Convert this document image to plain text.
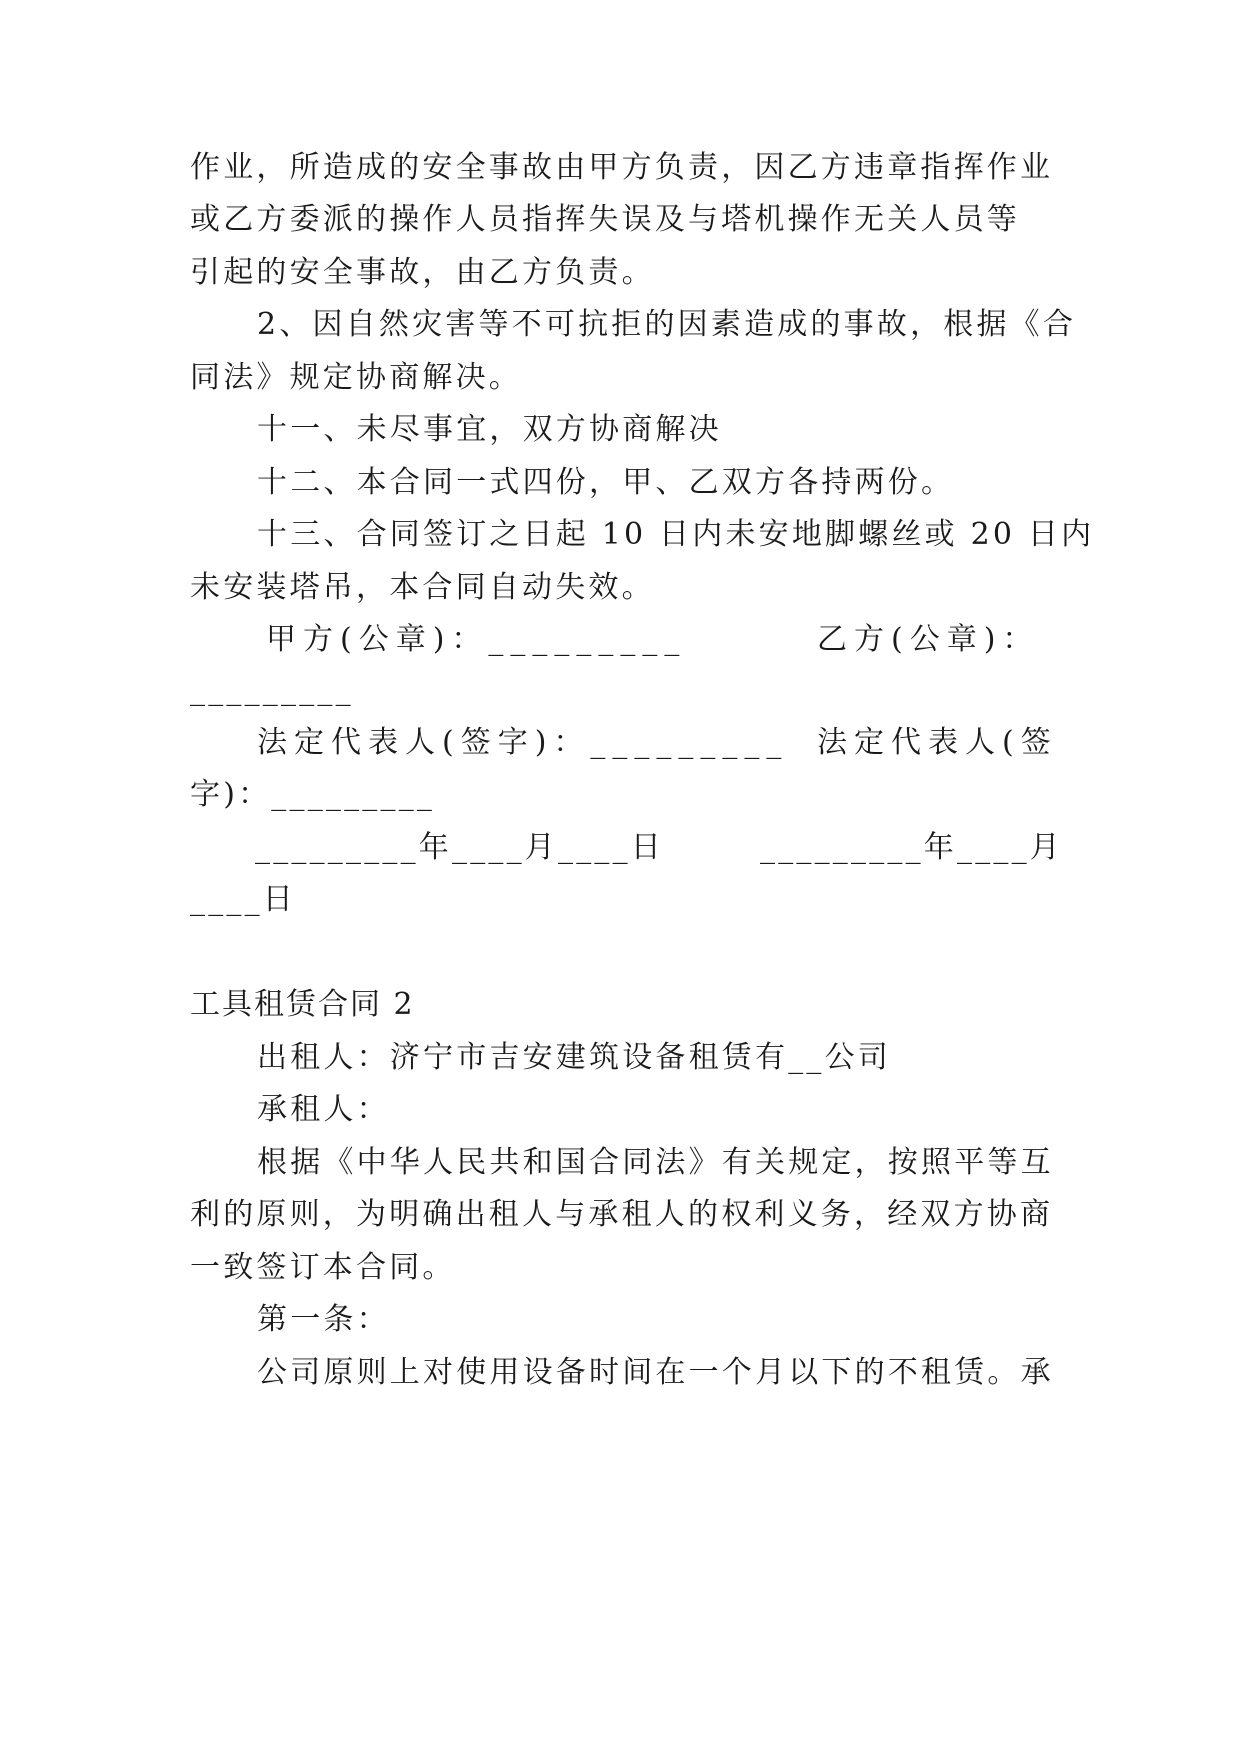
作业，所造成的安全事故由甲方负责，因乙方违章指挥作业
或乙方委派的操作人员指挥失误及与塔机操作无关人员等
引起的安全事故，由乙方负责。
2、因自然灾害等不可抗拒的因素造成的事故，根据《合
同法》规定协商解决。
十一、未尽事宜，双方协商解决
十二、本合同一式四份，甲、乙双方各持两份。
十三、合同签订之日起 10 日内未安地脚螺丝或 20 日内
未安装塔吊，本合同自动失效。
甲方(公章)：_________	乙方(公章)：
_________
法定代表人(签字)：_________ 法定代表人(签
字)：_________
_________年____月____日	_________年____月
____日
工具租赁合同 2
出租人：济宁市吉安建筑设备租赁有__公司
承租人：
根据《中华人民共和国合同法》有关规定，按照平等互
利的原则，为明确出租人与承租人的权利义务，经双方协商
一致签订本合同。
第一条：
公司原则上对使用设备时间在一个月以下的不租赁。承
